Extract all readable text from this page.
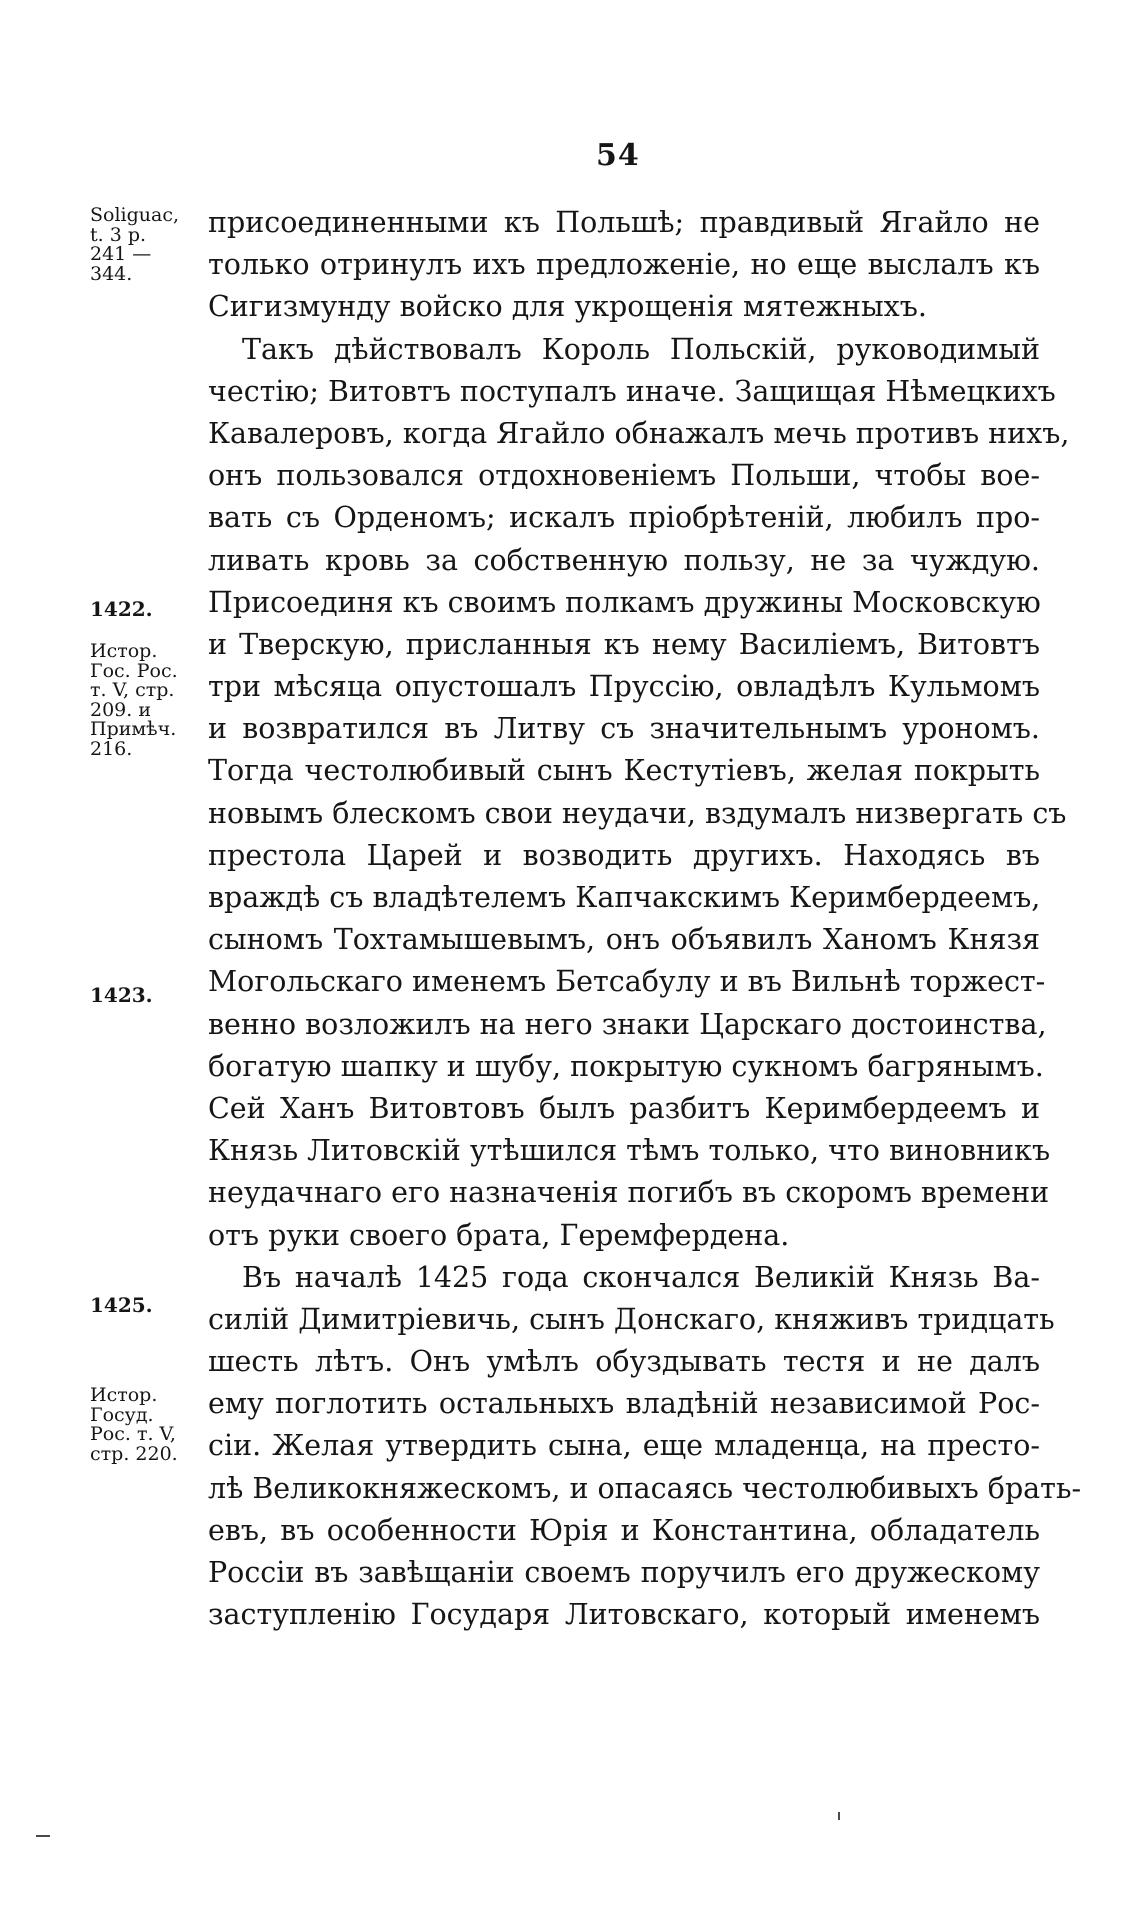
54
Soliguac,
t. 3 p.
241 —
344.
1422.
Истор.
Гос. Рос.
т. V, стр.
209. и
Примѣч.
216.
1423.
1425.
Истор.
Госуд.
Рос. т. V,
стр. 220.
присоединенными къ Польшѣ; правдивый Ягайло не
только отринулъ ихъ предложеніе, но еще выслалъ къ
Сигизмунду войско для укрощенія мятежныхъ.
Такъ дѣйствовалъ Король Польскій, руководимый
честію; Витовтъ поступалъ иначе. Защищая Нѣмецкихъ
Кавалеровъ, когда Ягайло обнажалъ мечь противъ нихъ,
онъ пользовался отдохновеніемъ Польши, чтобы вое-
вать съ Орденомъ; искалъ пріобрѣтеній, любилъ про-
ливать кровь за собственную пользу, не за чуждую.
Присоединя къ своимъ полкамъ дружины Московскую
и Тверскую, присланныя къ нему Василіемъ, Витовтъ
три мѣсяца опустошалъ Пруссію, овладѣлъ Кульмомъ
и возвратился въ Литву съ значительнымъ урономъ.
Тогда честолюбивый сынъ Кестутіевъ, желая покрыть
новымъ блескомъ свои неудачи, вздумалъ низвергать съ
престола Царей и возводить другихъ. Находясь въ
враждѣ съ владѣтелемъ Капчакскимъ Керимбердеемъ,
сыномъ Тохтамышевымъ, онъ объявилъ Ханомъ Князя
Могольскаго именемъ Бетсабулу и въ Вильнѣ торжест-
венно возложилъ на него знаки Царскаго достоинства,
богатую шапку и шубу, покрытую сукномъ багрянымъ.
Сей Ханъ Витовтовъ былъ разбитъ Керимбердеемъ и
Князь Литовскій утѣшился тѣмъ только, что виновникъ
неудачнаго его назначенія погибъ въ скоромъ времени
отъ руки своего брата, Геремфердена.
Въ началѣ 1425 года скончался Великій Князь Ва-
силій Димитріевичь, сынъ Донскаго, княживъ тридцать
шесть лѣтъ. Онъ умѣлъ обуздывать тестя и не далъ
ему поглотить остальныхъ владѣній независимой Рос-
сіи. Желая утвердить сына, еще младенца, на престо-
лѣ Великокняжескомъ, и опасаясь честолюбивыхъ брать-
евъ, въ особенности Юрія и Константина, обладатель
Россіи въ завѣщаніи своемъ поручилъ его дружескому
заступленію Государя Литовскаго, который именемъ
